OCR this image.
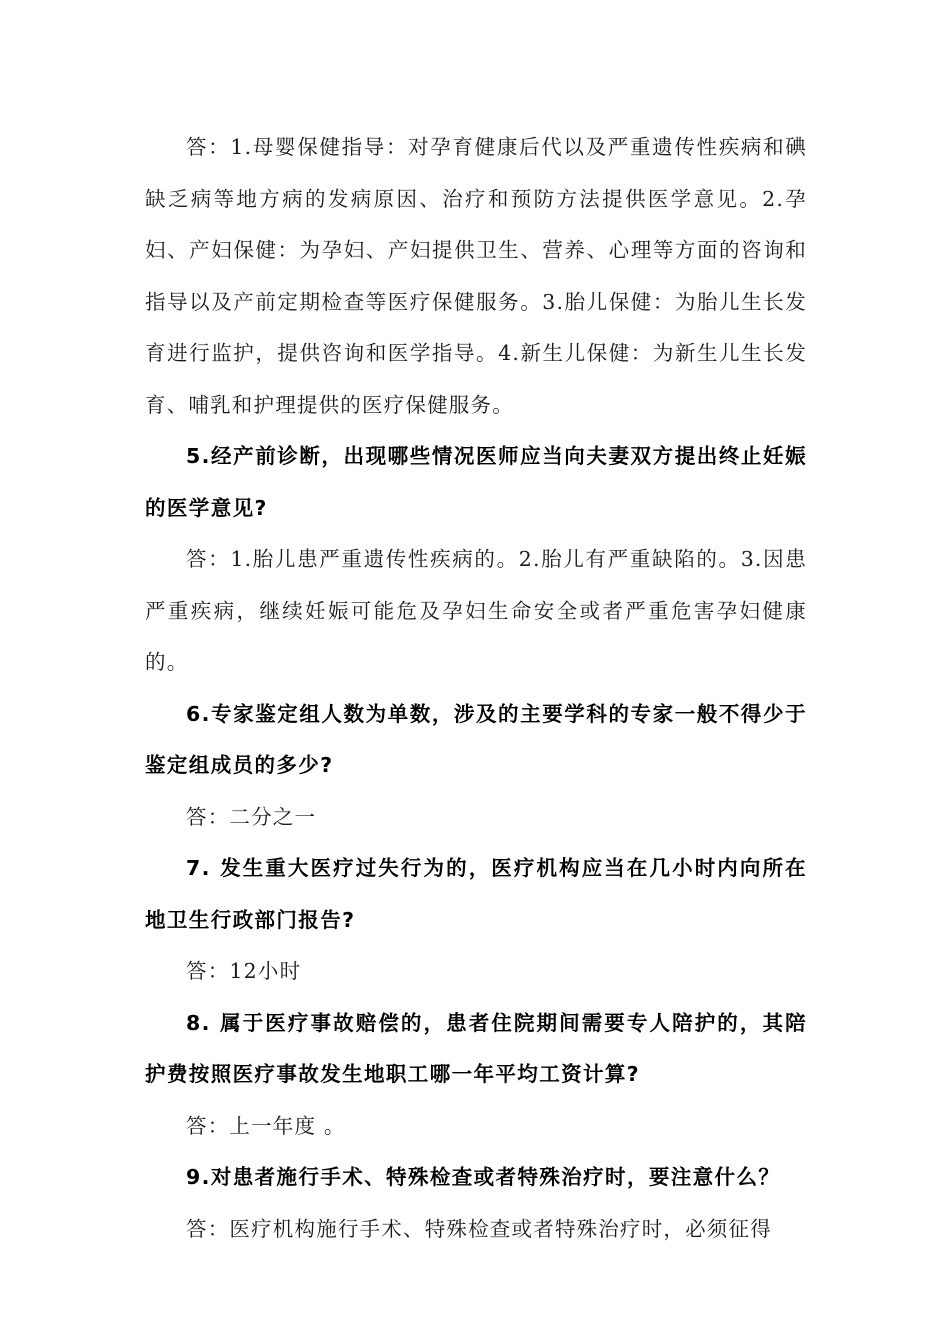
答：1.母婴保健指导：对孕育健康后代以及严重遗传性疾病和碘缺乏病等地方病的发病原因、治疗和预防方法提供医学意见。2.孕妇、产妇保健：为孕妇、产妇提供卫生、营养、心理等方面的咨询和指导以及产前定期检查等医疗保健服务。3.胎儿保健：为胎儿生长发育进行监护，提供咨询和医学指导。4.新生儿保健：为新生儿生长发育、哺乳和护理提供的医疗保健服务。

5.经产前诊断，出现哪些情况医师应当向夫妻双方提出终止妊娠的医学意见?

答：1.胎儿患严重遗传性疾病的。2.胎儿有严重缺陷的。3.因患严重疾病，继续妊娠可能危及孕妇生命安全或者严重危害孕妇健康的。

6.专家鉴定组人数为单数，涉及的主要学科的专家一般不得少于鉴定组成员的多少?

答：二分之一

7. 发生重大医疗过失行为的，医疗机构应当在几小时内向所在地卫生行政部门报告?

答：12小时

8. 属于医疗事故赔偿的，患者住院期间需要专人陪护的，其陪护费按照医疗事故发生地职工哪一年平均工资计算?

答：上一年度 。

9.对患者施行手术、特殊检查或者特殊治疗时，要注意什么？

答：医疗机构施行手术、特殊检查或者特殊治疗时，必须征得
